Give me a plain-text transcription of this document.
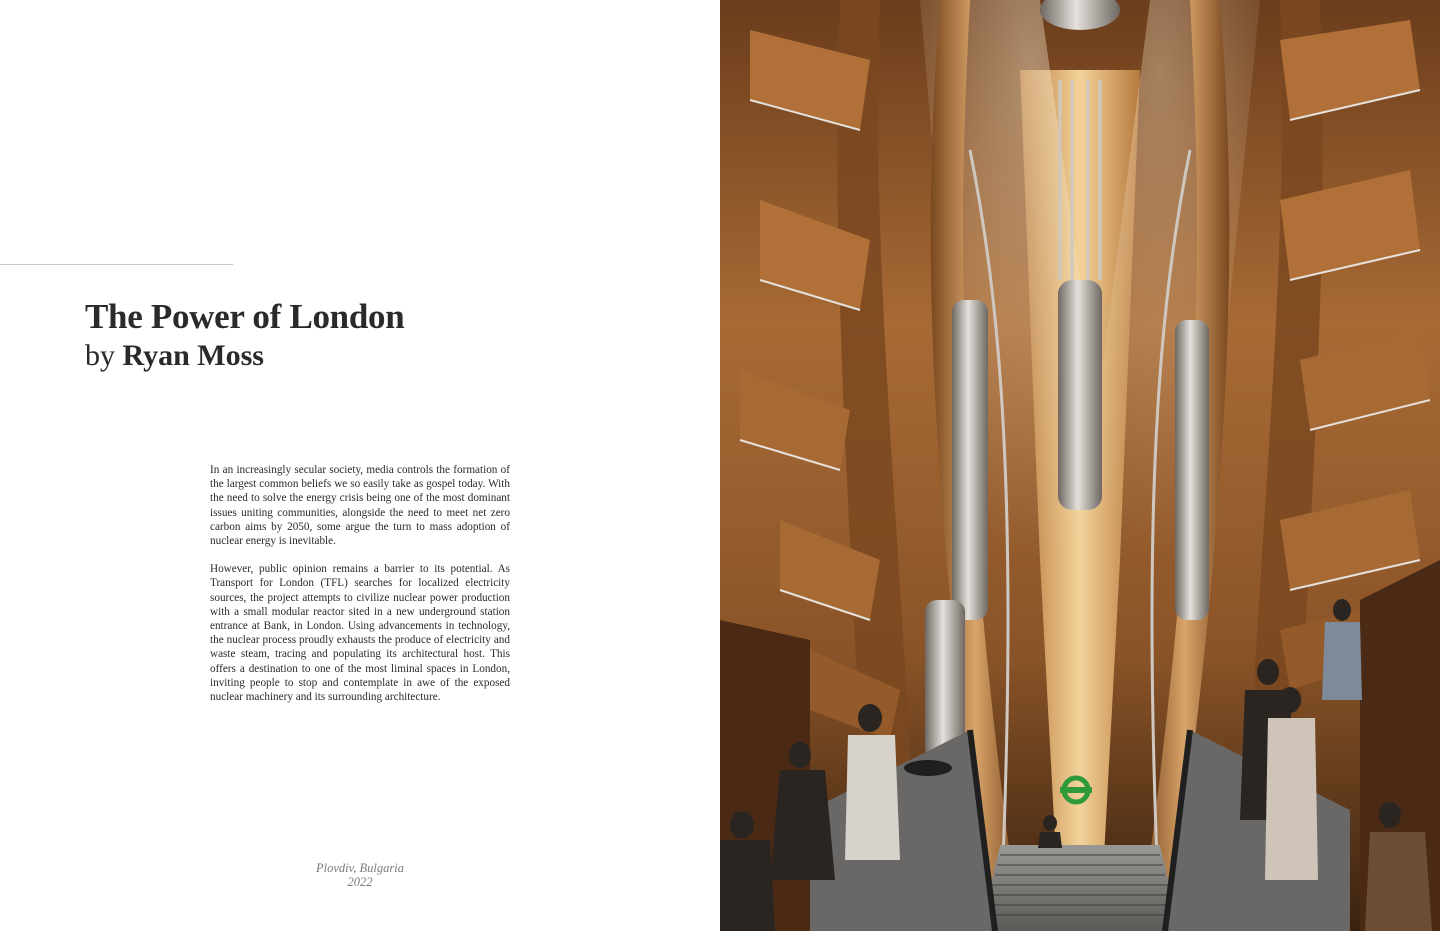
The Power of London
by Ryan Moss

In an increasingly secular society, media controls the formation of the largest common beliefs we so easily take as gospel today. With the need to solve the energy crisis being one of the most dominant issues uniting communities, alongside the need to meet net zero carbon aims by 2050, some argue the turn to mass adoption of nuclear energy is inevitable.

However, public opinion remains a barrier to its potential. As Transport for London (TFL) searches for localized electricity sources, the project attempts to civilize nuclear power production with a small modular reactor sited in a new underground station entrance at Bank, in London. Using advancements in technology, the nuclear process proudly exhausts the produce of electricity and waste steam, tracing and populating its architectural host. This offers a destination to one of the most liminal spaces in London, inviting people to stop and contemplate in awe of the exposed nuclear machinery and its surrounding architecture.

Plovdiv, Bulgaria
2022
